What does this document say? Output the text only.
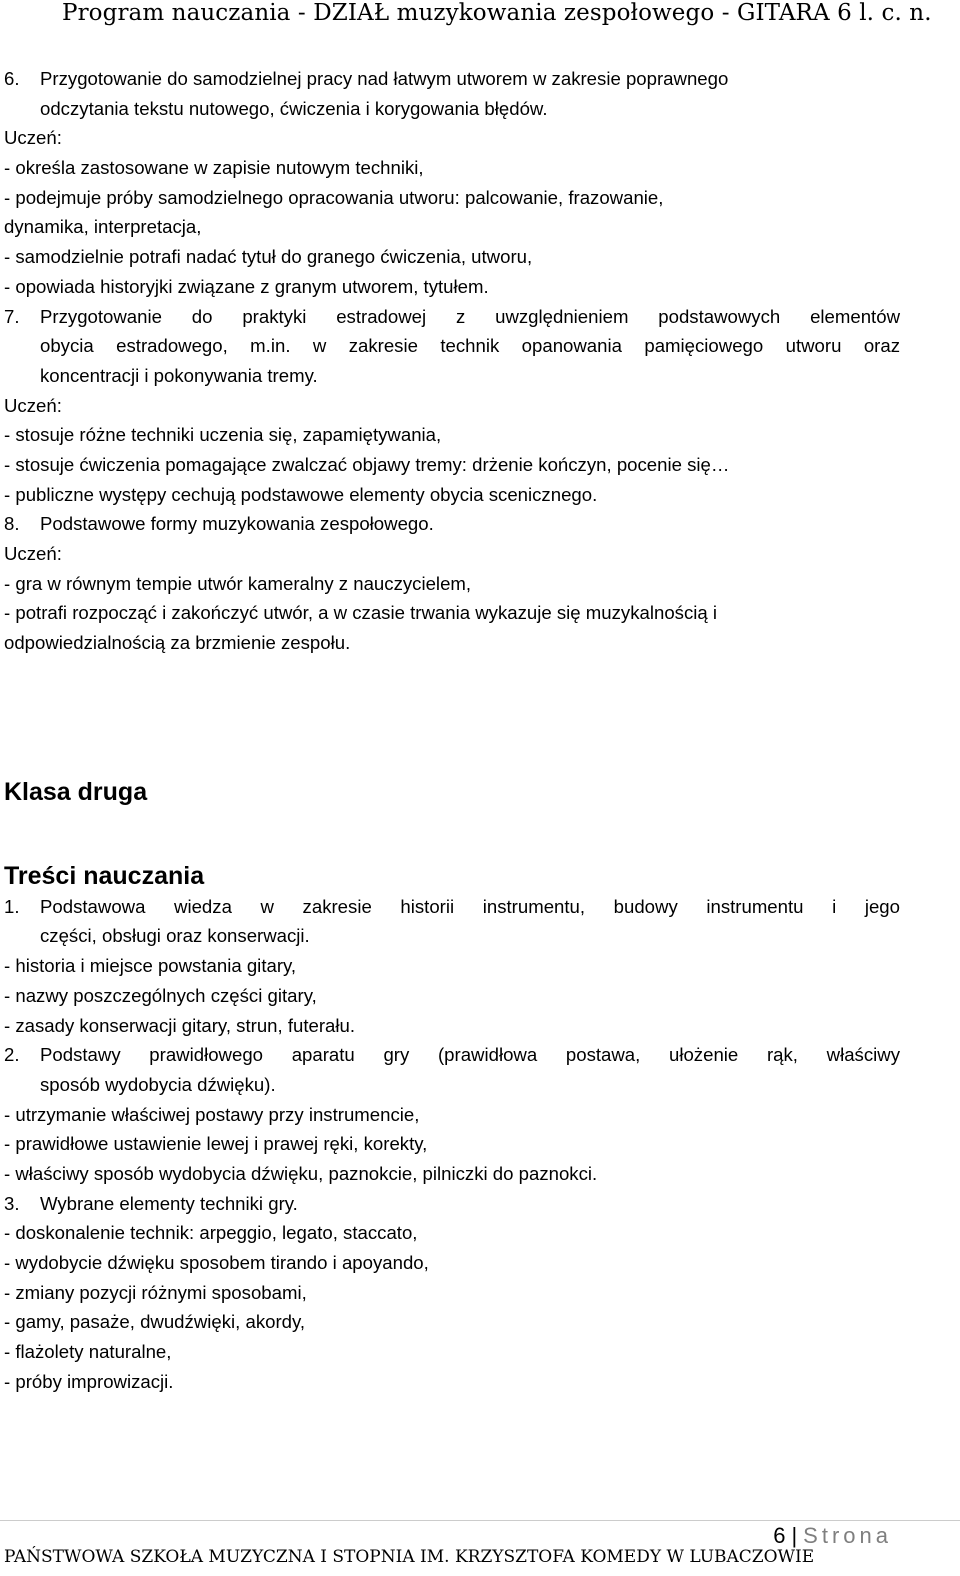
Program nauczania - DZIAŁ muzykowania zespołowego - GITARA 6 l. c. n.
6. Przygotowanie do samodzielnej pracy nad łatwym utworem w zakresie poprawnego
odczytania tekstu nutowego, ćwiczenia i korygowania błędów.
Uczeń:
- określa zastosowane w zapisie nutowym techniki,
- podejmuje próby samodzielnego opracowania utworu: palcowanie, frazowanie,
dynamika, interpretacja,
- samodzielnie potrafi nadać tytuł do granego ćwiczenia, utworu,
- opowiada historyjki związane z granym utworem, tytułem.
7. Przygotowanie do praktyki estradowej z uwzględnieniem podstawowych elementów
obycia estradowego, m.in. w zakresie technik opanowania pamięciowego utworu oraz
koncentracji i pokonywania tremy.
Uczeń:
- stosuje różne techniki uczenia się, zapamiętywania,
- stosuje ćwiczenia pomagające zwalczać objawy tremy: drżenie kończyn, pocenie się…
- publiczne występy cechują podstawowe elementy obycia scenicznego.
8. Podstawowe formy muzykowania zespołowego.
Uczeń:
- gra w równym tempie utwór kameralny z nauczycielem,
- potrafi rozpocząć i zakończyć utwór, a w czasie trwania wykazuje się muzykalnością i
odpowiedzialnością za brzmienie zespołu.
Klasa druga
Treści nauczania
1. Podstawowa wiedza w zakresie historii instrumentu, budowy instrumentu i jego
części, obsługi oraz konserwacji.
- historia i miejsce powstania gitary,
- nazwy poszczególnych części gitary,
- zasady konserwacji gitary, strun, futerału.
2. Podstawy prawidłowego aparatu gry (prawidłowa postawa, ułożenie rąk, właściwy
sposób wydobycia dźwięku).
- utrzymanie właściwej postawy przy instrumencie,
- prawidłowe ustawienie lewej i prawej ręki, korekty,
- właściwy sposób wydobycia dźwięku, paznokcie, pilniczki do paznokci.
3. Wybrane elementy techniki gry.
- doskonalenie technik: arpeggio, legato, staccato,
- wydobycie dźwięku sposobem tirando i apoyando,
- zmiany pozycji różnymi sposobami,
- gamy, pasaże, dwudźwięki, akordy,
- flażolety naturalne,
- próby improwizacji.
6 | Strona
PAŃSTWOWA SZKOŁA MUZYCZNA I STOPNIA IM. KRZYSZTOFA KOMEDY W LUBACZOWIE
